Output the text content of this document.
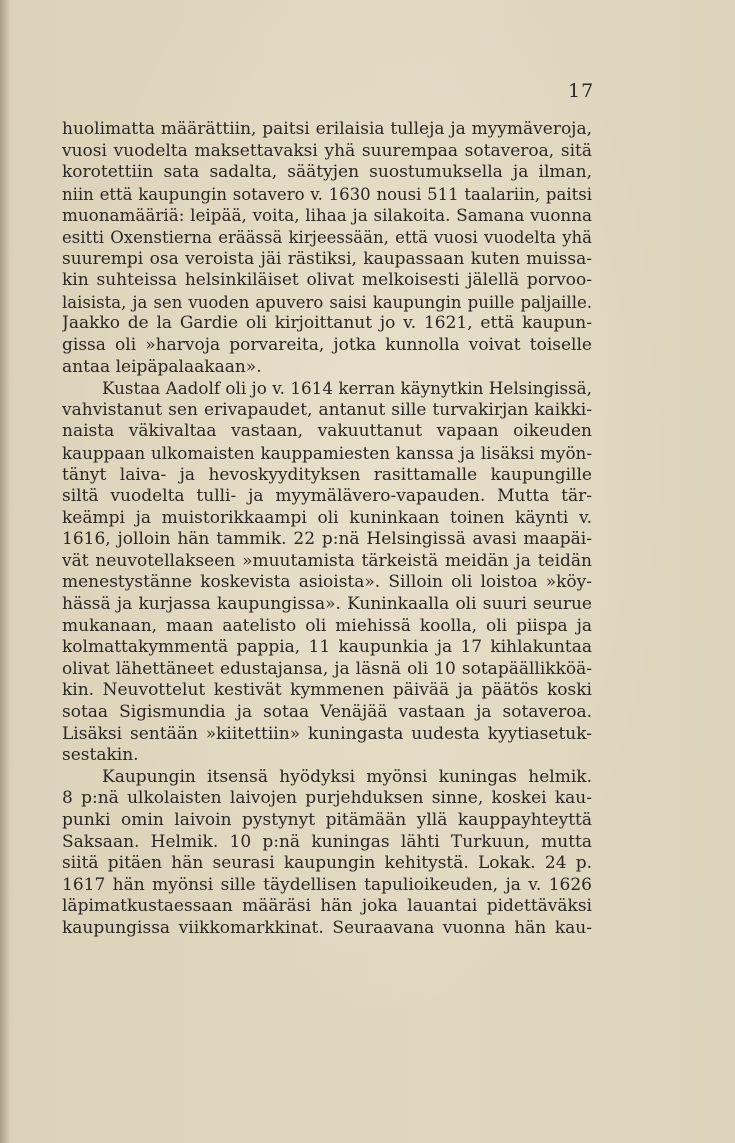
17
huolimatta määrättiin, paitsi erilaisia tulleja ja myymäveroja,
vuosi vuodelta maksettavaksi yhä suurempaa sotaveroa, sitä
korotettiin sata sadalta, säätyjen suostumuksella ja ilman,
niin että kaupungin sotavero v. 1630 nousi 511 taalariin, paitsi
muonamääriä: leipää, voita, lihaa ja silakoita. Samana vuonna
esitti Oxenstierna eräässä kirjeessään, että vuosi vuodelta yhä
suurempi osa veroista jäi rästiksi, kaupassaan kuten muissa-
kin suhteissa helsinkiläiset olivat melkoisesti jälellä porvoo-
laisista, ja sen vuoden apuvero saisi kaupungin puille paljaille.
Jaakko de la Gardie oli kirjoittanut jo v. 1621, että kaupun-
gissa oli »harvoja porvareita, jotka kunnolla voivat toiselle
antaa leipäpalaakaan».
Kustaa Aadolf oli jo v. 1614 kerran käynytkin Helsingissä,
vahvistanut sen erivapaudet, antanut sille turvakirjan kaikki-
naista väkivaltaa vastaan, vakuuttanut vapaan oikeuden
kauppaan ulkomaisten kauppamiesten kanssa ja lisäksi myön-
tänyt laiva- ja hevoskyydityksen rasittamalle kaupungille
siltä vuodelta tulli- ja myymälävero-vapauden. Mutta tär-
keämpi ja muistorikkaampi oli kuninkaan toinen käynti v.
1616, jolloin hän tammik. 22 p:nä Helsingissä avasi maapäi-
vät neuvotellakseen »muutamista tärkeistä meidän ja teidän
menestystänne koskevista asioista». Silloin oli loistoa »köy-
hässä ja kurjassa kaupungissa». Kuninkaalla oli suuri seurue
mukanaan, maan aatelisto oli miehissä koolla, oli piispa ja
kolmattakymmentä pappia, 11 kaupunkia ja 17 kihlakuntaa
olivat lähettäneet edustajansa, ja läsnä oli 10 sotapäällikköä-
kin. Neuvottelut kestivät kymmenen päivää ja päätös koski
sotaa Sigismundia ja sotaa Venäjää vastaan ja sotaveroa.
Lisäksi sentään »kiitettiin» kuningasta uudesta kyytiasetuk-
sestakin.
Kaupungin itsensä hyödyksi myönsi kuningas helmik.
8 p:nä ulkolaisten laivojen purjehduksen sinne, koskei kau-
punki omin laivoin pystynyt pitämään yllä kauppayhteyttä
Saksaan. Helmik. 10 p:nä kuningas lähti Turkuun, mutta
siitä pitäen hän seurasi kaupungin kehitystä. Lokak. 24 p.
1617 hän myönsi sille täydellisen tapulioikeuden, ja v. 1626
läpimatkustaessaan määräsi hän joka lauantai pidettäväksi
kaupungissa viikkomarkkinat. Seuraavana vuonna hän kau-
